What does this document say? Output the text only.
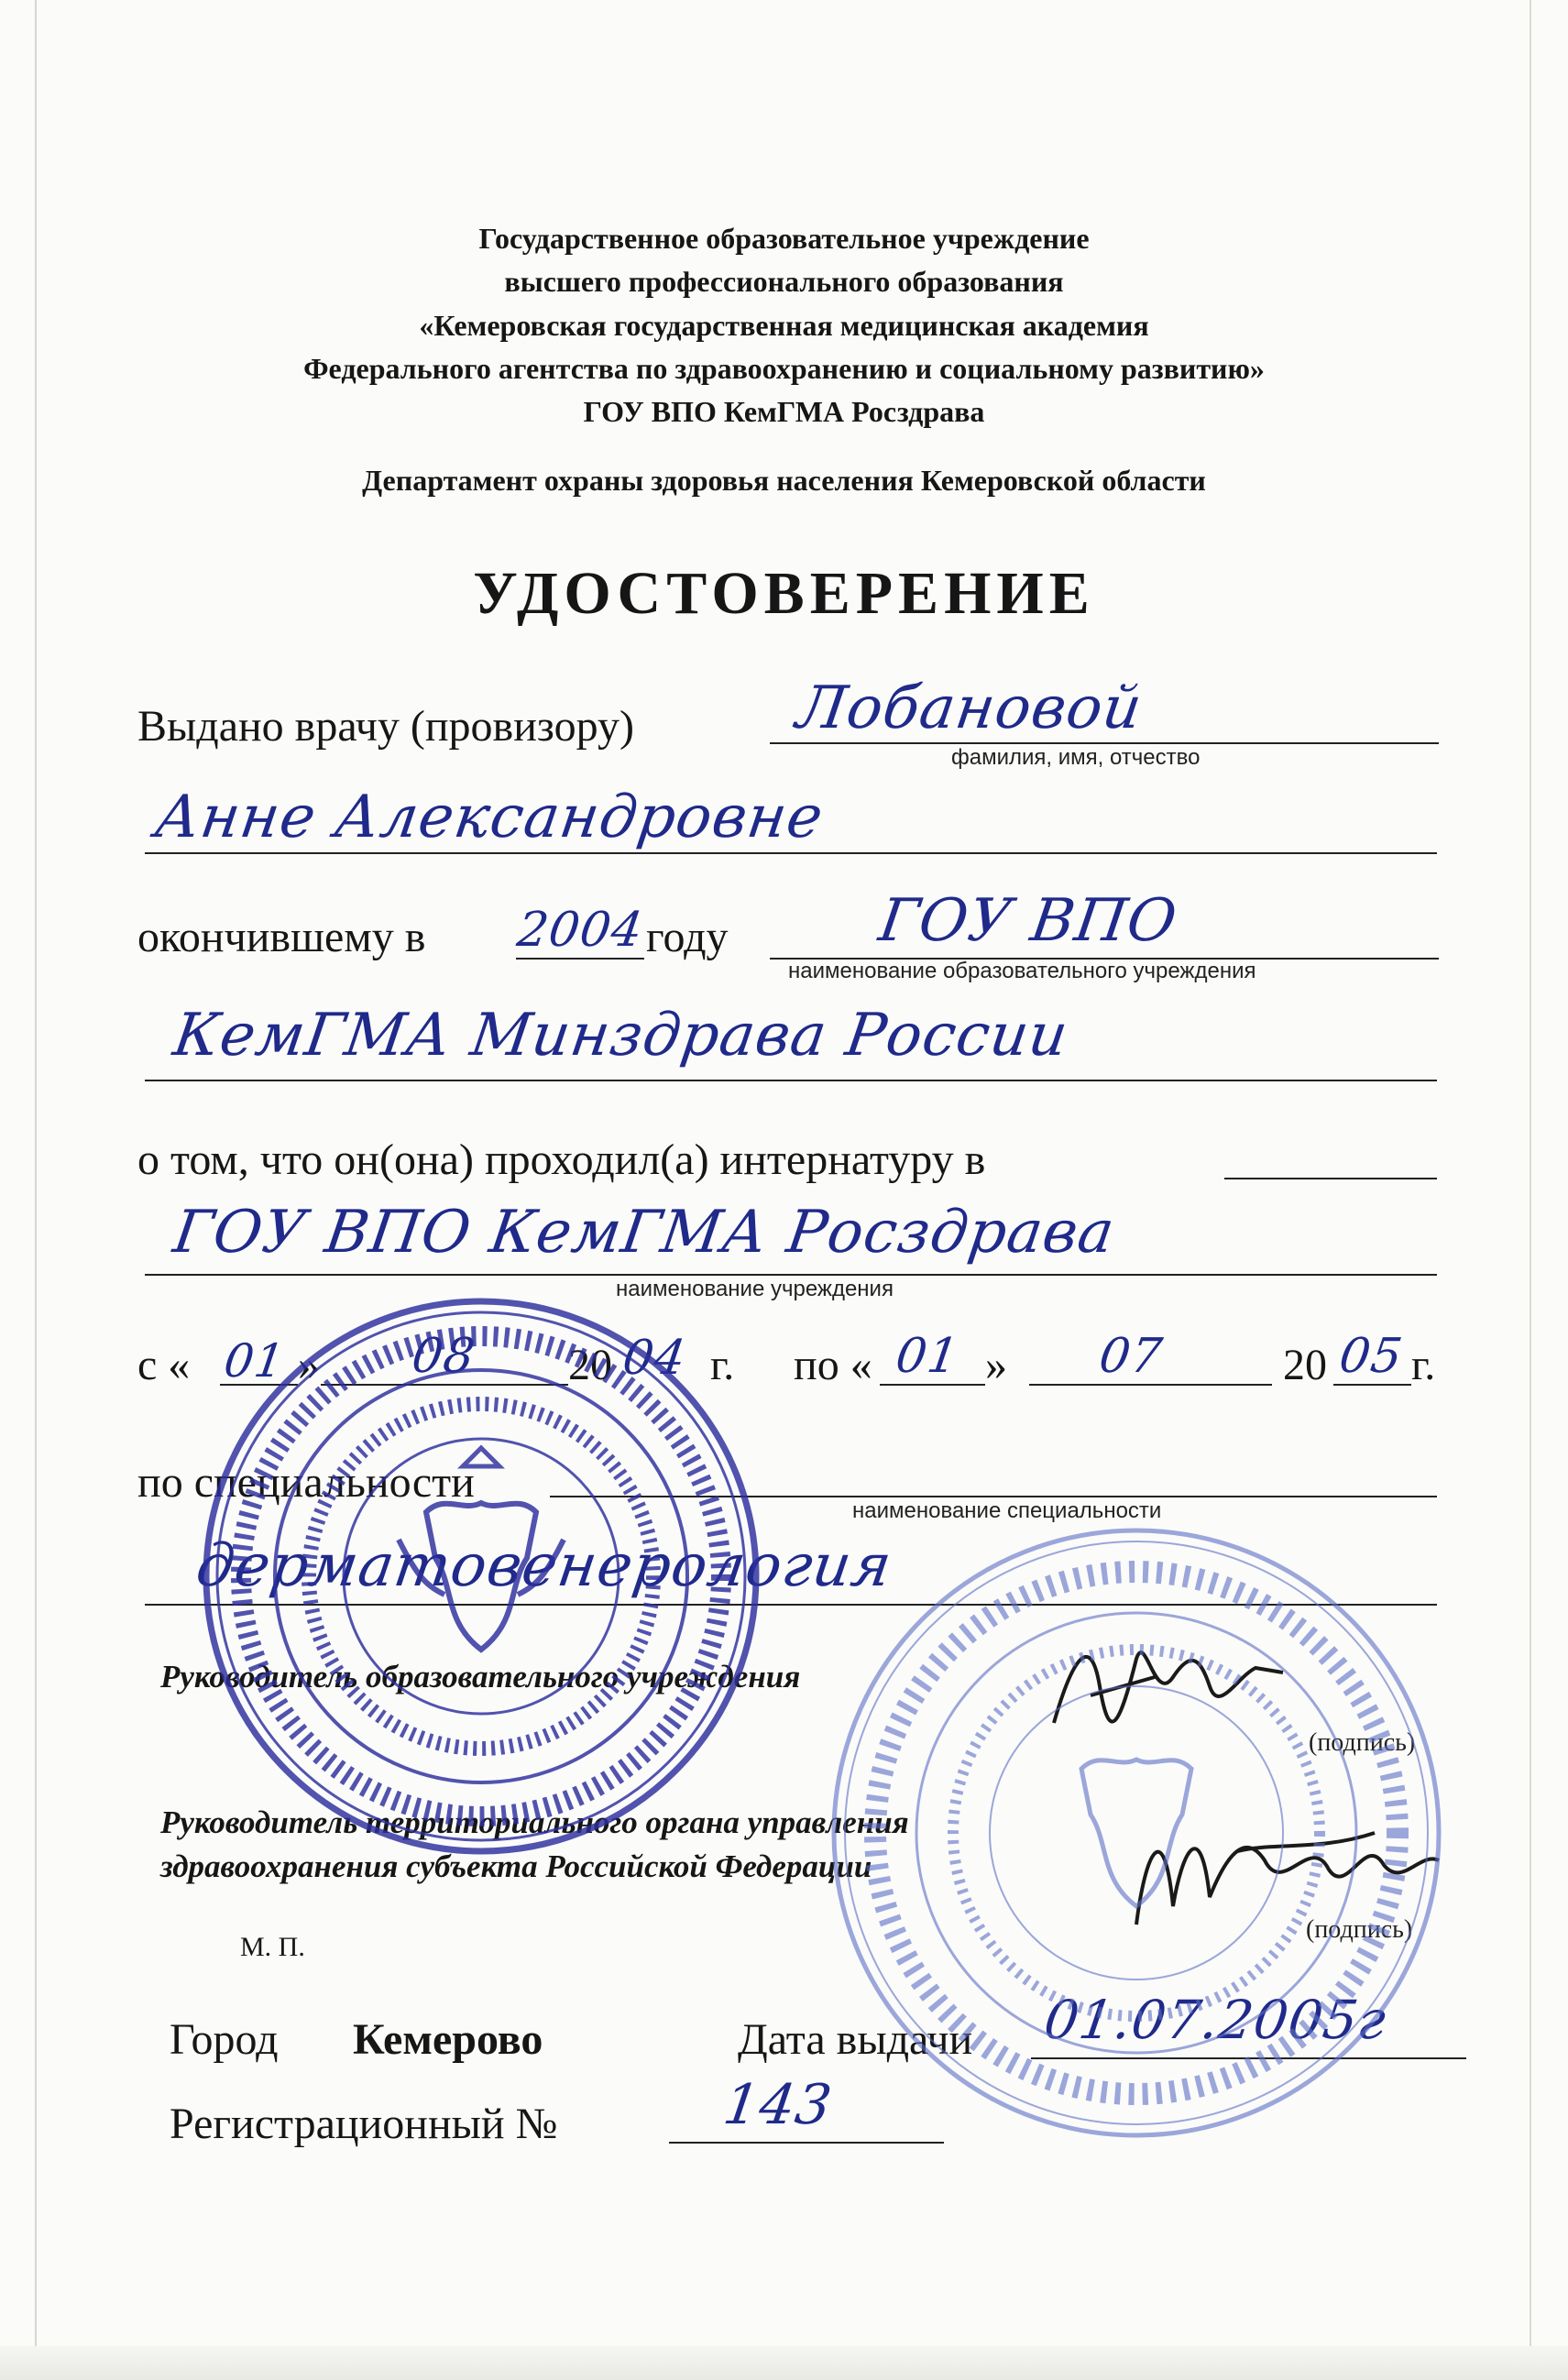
Государственное образовательное учреждение
высшего профессионального образования
«Кемеровская государственная медицинская академия
Федерального агентства по здравоохранению и социальному развитию»
ГОУ ВПО КемГМА Росздрава
Департамент охраны здоровья населения Кемеровской области
УДОСТОВЕРЕНИЕ
Выдано врачу (провизору)	Лобановой
фамилия, имя, отчество
Анне Александровне
окончившему в 2004 году	ГОУ ВПО
наименование образовательного учреждения
КемГМА Минздрава России
о том, что он(она) проходил(а) интернатуру в
ГОУ ВПО КемГМА Росздрава
наименование учреждения
с « 01 » 08 20 04 г. по « 01 » 07	20 05 г.
по специальности
наименование специальности
дерматовенерология
Руководитель образовательного учреждения
(подпись)
Руководитель территориального органа управления
здравоохранения субъекта Российской Федерации
(подпись)
М. П.
Город Кемерово	Дата выдачи 01.07.2005г
Регистрационный №	143
